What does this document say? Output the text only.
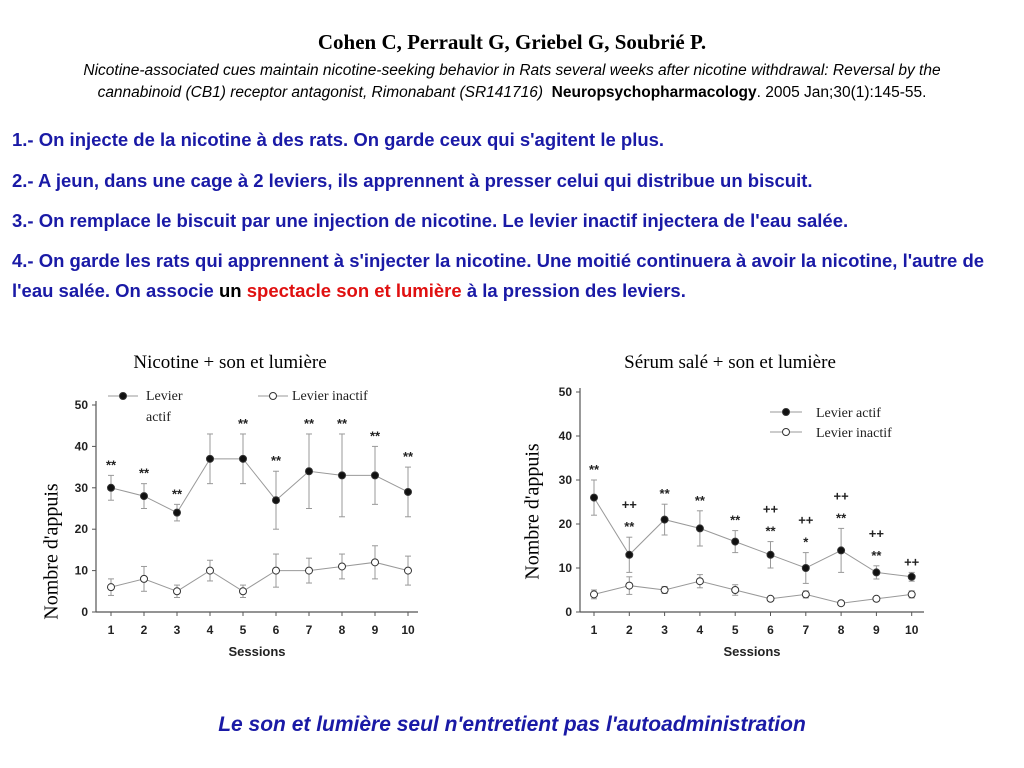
Cohen C, Perrault G, Griebel G, Soubrié P.
Nicotine-associated cues maintain nicotine-seeking behavior in Rats several weeks after nicotine withdrawal: Reversal by the cannabinoid (CB1) receptor antagonist, Rimonabant (SR141716) Neuropsychopharmacology. 2005 Jan;30(1):145-55.
1.- On injecte de la nicotine à des rats. On garde ceux qui s'agitent le plus.
2.- A jeun, dans une cage à 2 leviers, ils apprennent à presser celui qui distribue un biscuit.
3.- On remplace le biscuit par une injection de nicotine. Le levier inactif injectera de l'eau salée.
4.- On garde les rats qui apprennent à s'injecter la nicotine. Une moitié continuera à avoir la nicotine, l'autre de l'eau salée. On associe un spectacle son et lumière à la pression des leviers.
Nicotine + son et lumière	Sérum salé + son et lumière
Nombre d'appuis	Nombre d'appuis
0
10
20
30
40
50
1 2 3 4 5 6 7 8 9 10
Sessions
**
**
**
**
**
** **
**
**
Levier
actif
Levier inactif
0
10
20
30
40
50
1 2 3 4 5 6 7 8 9 10
Sessions
**
**
++
** **
**
**
++
*
++ **
++
**
++
++
Levier actif
Levier inactif
Le son et lumière seul n'entretient pas l'autoadministration
